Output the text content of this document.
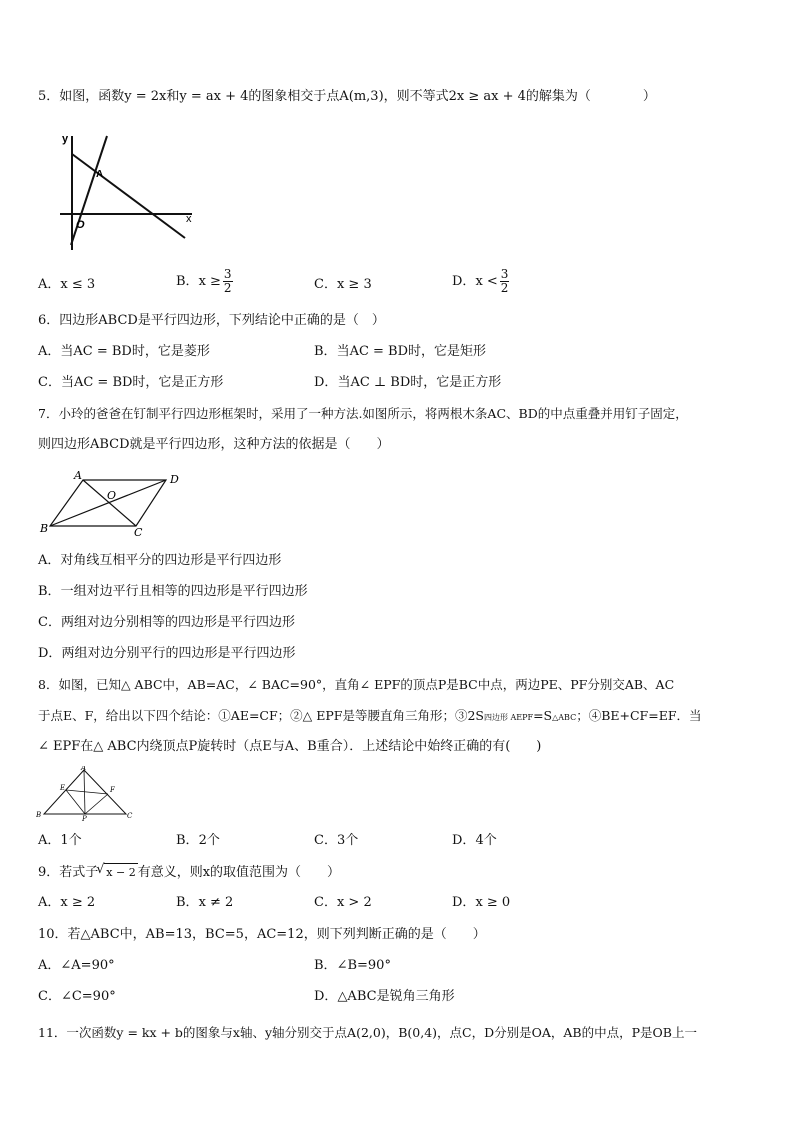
5．如图，函数y = 2x和y = ax + 4的图象相交于点A(m,3)，则不等式2x ≥ ax + 4的解集为（　　　　）
y
x
O
A
A．x ≤ 3	B．$x \ge \frac{3}{2}$	C．x ≥ 3	D．$x < \frac{3}{2}$
6．四边形ABCD是平行四边形，下列结论中正确的是（　）
A．当AC = BD时，它是菱形	B．当AC = BD时，它是矩形
C．当AC = BD时，它是正方形	D．当AC ⊥ BD时，它是正方形
7．小玲的爸爸在钉制平行四边形框架时，采用了一种方法.如图所示，将两根木条AC、BD的中点重叠并用钉子固定，
则四边形ABCD就是平行四边形，这种方法的依据是（　　）
A	D
B	C
O
A．对角线互相平分的四边形是平行四边形
B．一组对边平行且相等的四边形是平行四边形
C．两组对边分别相等的四边形是平行四边形
D．两组对边分别平行的四边形是平行四边形
8．如图，已知△ ABC中，AB=AC，∠ BAC=90°，直角∠ EPF的顶点P是BC中点，两边PE、PF分别交AB、AC
于点E、F，给出以下四个结论：①AE=CF；②△ EPF是等腰直角三角形；③2S四边形 AEPF=S△ABC；④BE+CF=EF．当
∠ EPF在△ ABC内绕顶点P旋转时（点E与A、B重合）．上述结论中始终正确的有(　　)
A
B	C
E	F
P
A．1个	B．2个	C．3个	D．4个
9．若式子√ x − 2 有意义，则x的取值范围为（　　）
A．x ≥ 2	B．x ≠ 2	C．x > 2	D．x ≥ 0
10．若△ABC中，AB=13，BC=5，AC=12，则下列判断正确的是（　　）
A．∠A=90°	B．∠B=90°
C．∠C=90°	D．△ABC是锐角三角形
11．一次函数y = kx + b的图象与x轴、y轴分别交于点A(2,0)，B(0,4)，点C，D分别是OA，AB的中点，P是OB上一
